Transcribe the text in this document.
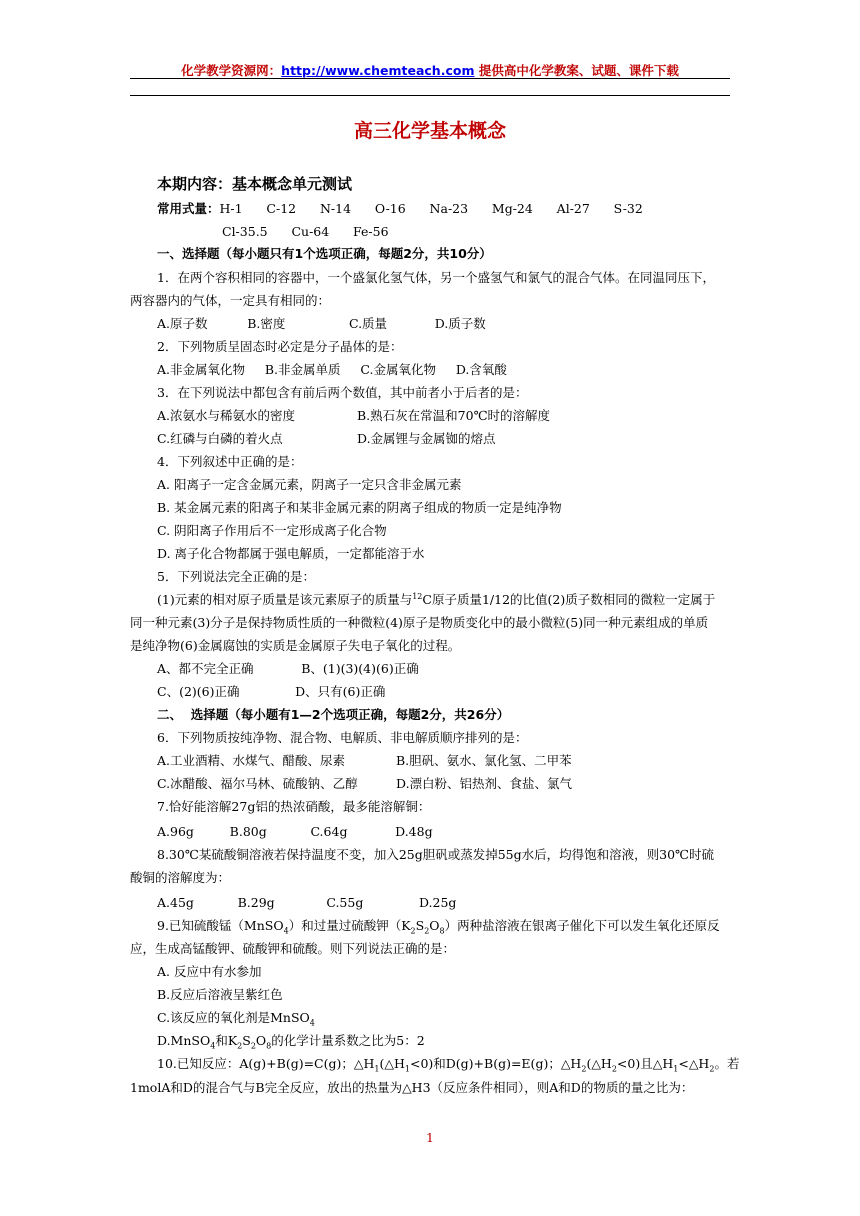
化学教学资源网：http://www.chemteach.com 提供高中化学教案、试题、课件下载
高三化学基本概念
本期内容：基本概念单元测试
常用式量：H-1      C-12      N-14      O-16      Na-23      Mg-24      Al-27      S-32
Cl-35.5      Cu-64      Fe-56
一、选择题（每小题只有1个选项正确，每题2分，共10分）
1．在两个容积相同的容器中，一个盛氯化氢气体，另一个盛氢气和氯气的混合气体。在同温同压下，
两容器内的气体，一定具有相同的：
A.原子数          B.密度                C.质量            D.质子数
2．下列物质呈固态时必定是分子晶体的是：
A.非金属氧化物     B.非金属单质     C.金属氧化物     D.含氧酸
3．在下列说法中都包含有前后两个数值，其中前者小于后者的是：
A.浓氨水与稀氨水的密度	B.熟石灰在常温和70℃时的溶解度
C.红磷与白磷的着火点	D.金属锂与金属铷的熔点
4．下列叙述中正确的是：
A. 阳离子一定含金属元素，阴离子一定只含非金属元素
B. 某金属元素的阳离子和某非金属元素的阴离子组成的物质一定是纯净物
C. 阴阳离子作用后不一定形成离子化合物
D. 离子化合物都属于强电解质，一定都能溶于水
5．下列说法完全正确的是：
(1)元素的相对原子质量是该元素原子的质量与$^{12}$C原子质量1/12的比值(2)质子数相同的微粒一定属于
同一种元素(3)分子是保持物质性质的一种微粒(4)原子是物质变化中的最小微粒(5)同一种元素组成的单质
是纯净物(6)金属腐蚀的实质是金属原子失电子氧化的过程。
A、都不完全正确            B、(1)(3)(4)(6)正确
C、(2)(6)正确              D、只有(6)正确
二、  选择题（每小题有1—2个选项正确，每题2分，共26分）
6．下列物质按纯净物、混合物、电解质、非电解质顺序排列的是：
A.工业酒精、水煤气、醋酸、尿素	B.胆矾、氨水、氯化氢、二甲苯
C.冰醋酸、福尔马林、硫酸钠、乙醇	D.漂白粉、铝热剂、食盐、氯气
7.恰好能溶解27g铝的热浓硝酸，最多能溶解铜：
A.96g         B.80g           C.64g            D.48g
8.30℃某硫酸铜溶液若保持温度不变，加入25g胆矾或蒸发掉55g水后，均得饱和溶液，则30℃时硫
酸铜的溶解度为：
A.45g           B.29g             C.55g              D.25g
9.已知硫酸锰（MnSO$_4$）和过量过硫酸钾$(K_2S_2O_8)$两种盐溶液在银离子催化下可以发生氧化还原反
应，生成高锰酸钾、硫酸钾和硫酸。则下列说法正确的是：
A. 反应中有水参加
B.反应后溶液呈紫红色
C.该反应的氧化剂是MnSO$_4$
D.MnSO$_4$和$K_2S_2O_8$的化学计量系数之比为5：2
10.已知反应：A(g)+B(g)=C(g)；$\triangle H_1(\triangle H_1<0)$和D(g)+B(g)=E(g)；$\triangle H_2(\triangle H_2<0)$且$\triangle H_1<\triangle H_2$。若
1molA和D的混合气与B完全反应，放出的热量为△H3（反应条件相同），则A和D的物质的量之比为：
1
